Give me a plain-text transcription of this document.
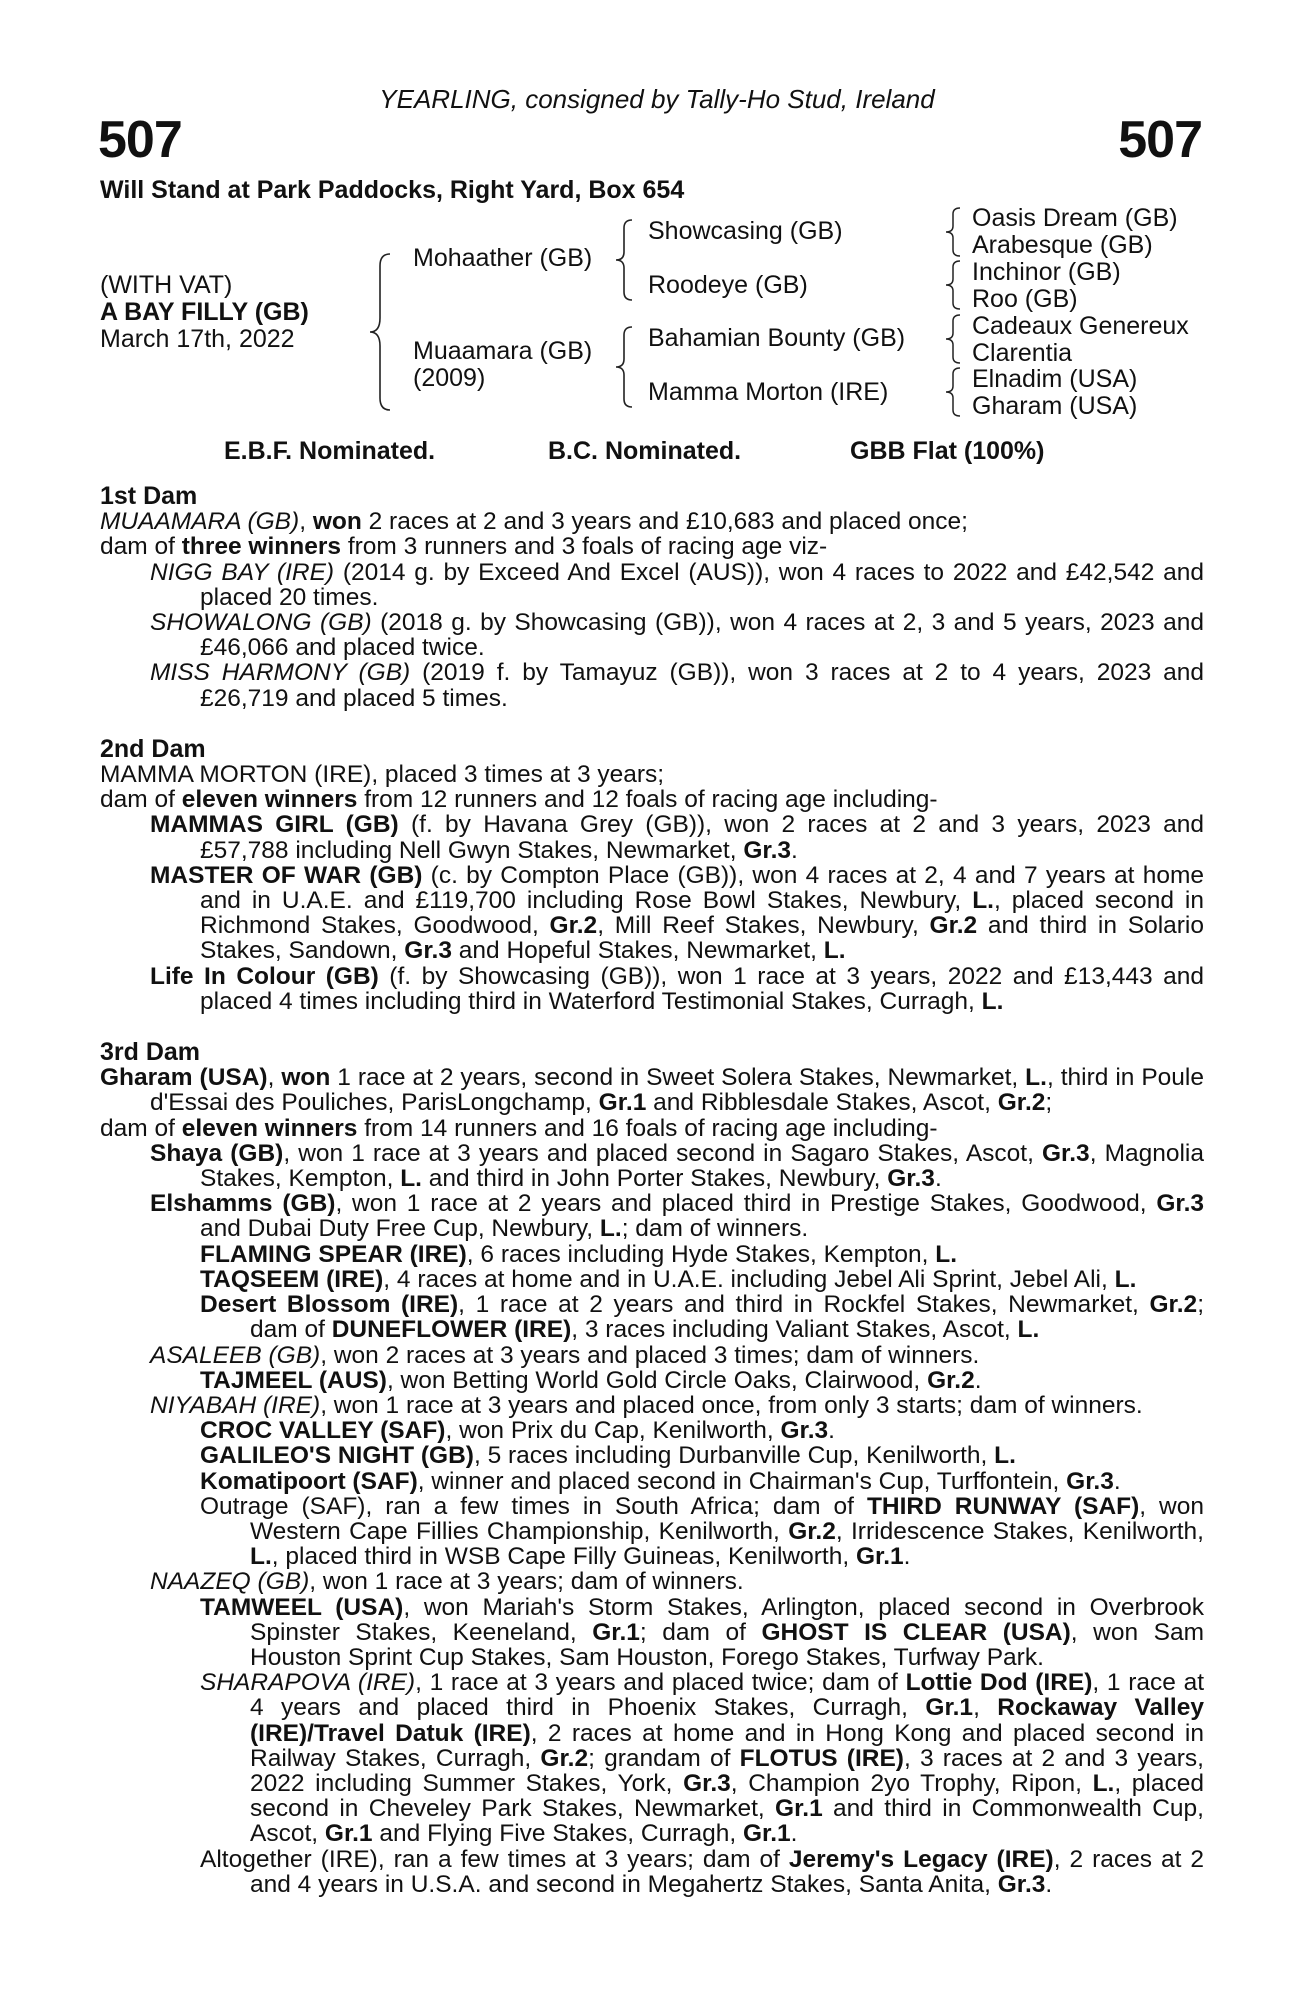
YEARLING, consigned by Tally-Ho Stud, Ireland
507	507
Will Stand at Park Paddocks, Right Yard, Box 654
(WITH VAT)
A BAY FILLY (GB)
March 17th, 2022
Mohaather (GB)
Muaamara (GB)
(2009)
Showcasing (GB)
Roodeye (GB)
Bahamian Bounty (GB)
Mamma Morton (IRE)
Oasis Dream (GB)
Arabesque (GB)
Inchinor (GB)
Roo (GB)
Cadeaux Genereux
Clarentia
Elnadim (USA)
Gharam (USA)
E.B.F. Nominated.	B.C. Nominated.	GBB Flat (100%)
1st Dam
MUAAMARA (GB), won 2 races at 2 and 3 years and £10,683 and placed once;
dam of three winners from 3 runners and 3 foals of racing age viz-
NIGG BAY (IRE) (2014 g. by Exceed And Excel (AUS)), won 4 races to 2022 and £42,542 and placed 20 times.
SHOWALONG (GB) (2018 g. by Showcasing (GB)), won 4 races at 2, 3 and 5 years, 2023 and £46,066 and placed twice.
MISS HARMONY (GB) (2019 f. by Tamayuz (GB)), won 3 races at 2 to 4 years, 2023 and £26,719 and placed 5 times.
2nd Dam
MAMMA MORTON (IRE), placed 3 times at 3 years;
dam of eleven winners from 12 runners and 12 foals of racing age including-
MAMMAS GIRL (GB) (f. by Havana Grey (GB)), won 2 races at 2 and 3 years, 2023 and £57,788 including Nell Gwyn Stakes, Newmarket, Gr.3.
MASTER OF WAR (GB) (c. by Compton Place (GB)), won 4 races at 2, 4 and 7 years at home and in U.A.E. and £119,700 including Rose Bowl Stakes, Newbury, L., placed second in Richmond Stakes, Goodwood, Gr.2, Mill Reef Stakes, Newbury, Gr.2 and third in Solario Stakes, Sandown, Gr.3 and Hopeful Stakes, Newmarket, L.
Life In Colour (GB) (f. by Showcasing (GB)), won 1 race at 3 years, 2022 and £13,443 and placed 4 times including third in Waterford Testimonial Stakes, Curragh, L.
3rd Dam
Gharam (USA), won 1 race at 2 years, second in Sweet Solera Stakes, Newmarket, L., third in Poule d'Essai des Pouliches, ParisLongchamp, Gr.1 and Ribblesdale Stakes, Ascot, Gr.2;
dam of eleven winners from 14 runners and 16 foals of racing age including-
Shaya (GB), won 1 race at 3 years and placed second in Sagaro Stakes, Ascot, Gr.3, Magnolia Stakes, Kempton, L. and third in John Porter Stakes, Newbury, Gr.3.
Elshamms (GB), won 1 race at 2 years and placed third in Prestige Stakes, Goodwood, Gr.3 and Dubai Duty Free Cup, Newbury, L.; dam of winners.
FLAMING SPEAR (IRE), 6 races including Hyde Stakes, Kempton, L.
TAQSEEM (IRE), 4 races at home and in U.A.E. including Jebel Ali Sprint, Jebel Ali, L.
Desert Blossom (IRE), 1 race at 2 years and third in Rockfel Stakes, Newmarket, Gr.2; dam of DUNEFLOWER (IRE), 3 races including Valiant Stakes, Ascot, L.
ASALEEB (GB), won 2 races at 3 years and placed 3 times; dam of winners.
TAJMEEL (AUS), won Betting World Gold Circle Oaks, Clairwood, Gr.2.
NIYABAH (IRE), won 1 race at 3 years and placed once, from only 3 starts; dam of winners.
CROC VALLEY (SAF), won Prix du Cap, Kenilworth, Gr.3.
GALILEO'S NIGHT (GB), 5 races including Durbanville Cup, Kenilworth, L.
Komatipoort (SAF), winner and placed second in Chairman's Cup, Turffontein, Gr.3.
Outrage (SAF), ran a few times in South Africa; dam of THIRD RUNWAY (SAF), won Western Cape Fillies Championship, Kenilworth, Gr.2, Irridescence Stakes, Kenilworth, L., placed third in WSB Cape Filly Guineas, Kenilworth, Gr.1.
NAAZEQ (GB), won 1 race at 3 years; dam of winners.
TAMWEEL (USA), won Mariah's Storm Stakes, Arlington, placed second in Overbrook Spinster Stakes, Keeneland, Gr.1; dam of GHOST IS CLEAR (USA), won Sam Houston Sprint Cup Stakes, Sam Houston, Forego Stakes, Turfway Park.
SHARAPOVA (IRE), 1 race at 3 years and placed twice; dam of Lottie Dod (IRE), 1 race at 4 years and placed third in Phoenix Stakes, Curragh, Gr.1, Rockaway Valley (IRE)/Travel Datuk (IRE), 2 races at home and in Hong Kong and placed second in Railway Stakes, Curragh, Gr.2; grandam of FLOTUS (IRE), 3 races at 2 and 3 years, 2022 including Summer Stakes, York, Gr.3, Champion 2yo Trophy, Ripon, L., placed second in Cheveley Park Stakes, Newmarket, Gr.1 and third in Commonwealth Cup, Ascot, Gr.1 and Flying Five Stakes, Curragh, Gr.1.
Altogether (IRE), ran a few times at 3 years; dam of Jeremy's Legacy (IRE), 2 races at 2 and 4 years in U.S.A. and second in Megahertz Stakes, Santa Anita, Gr.3.
